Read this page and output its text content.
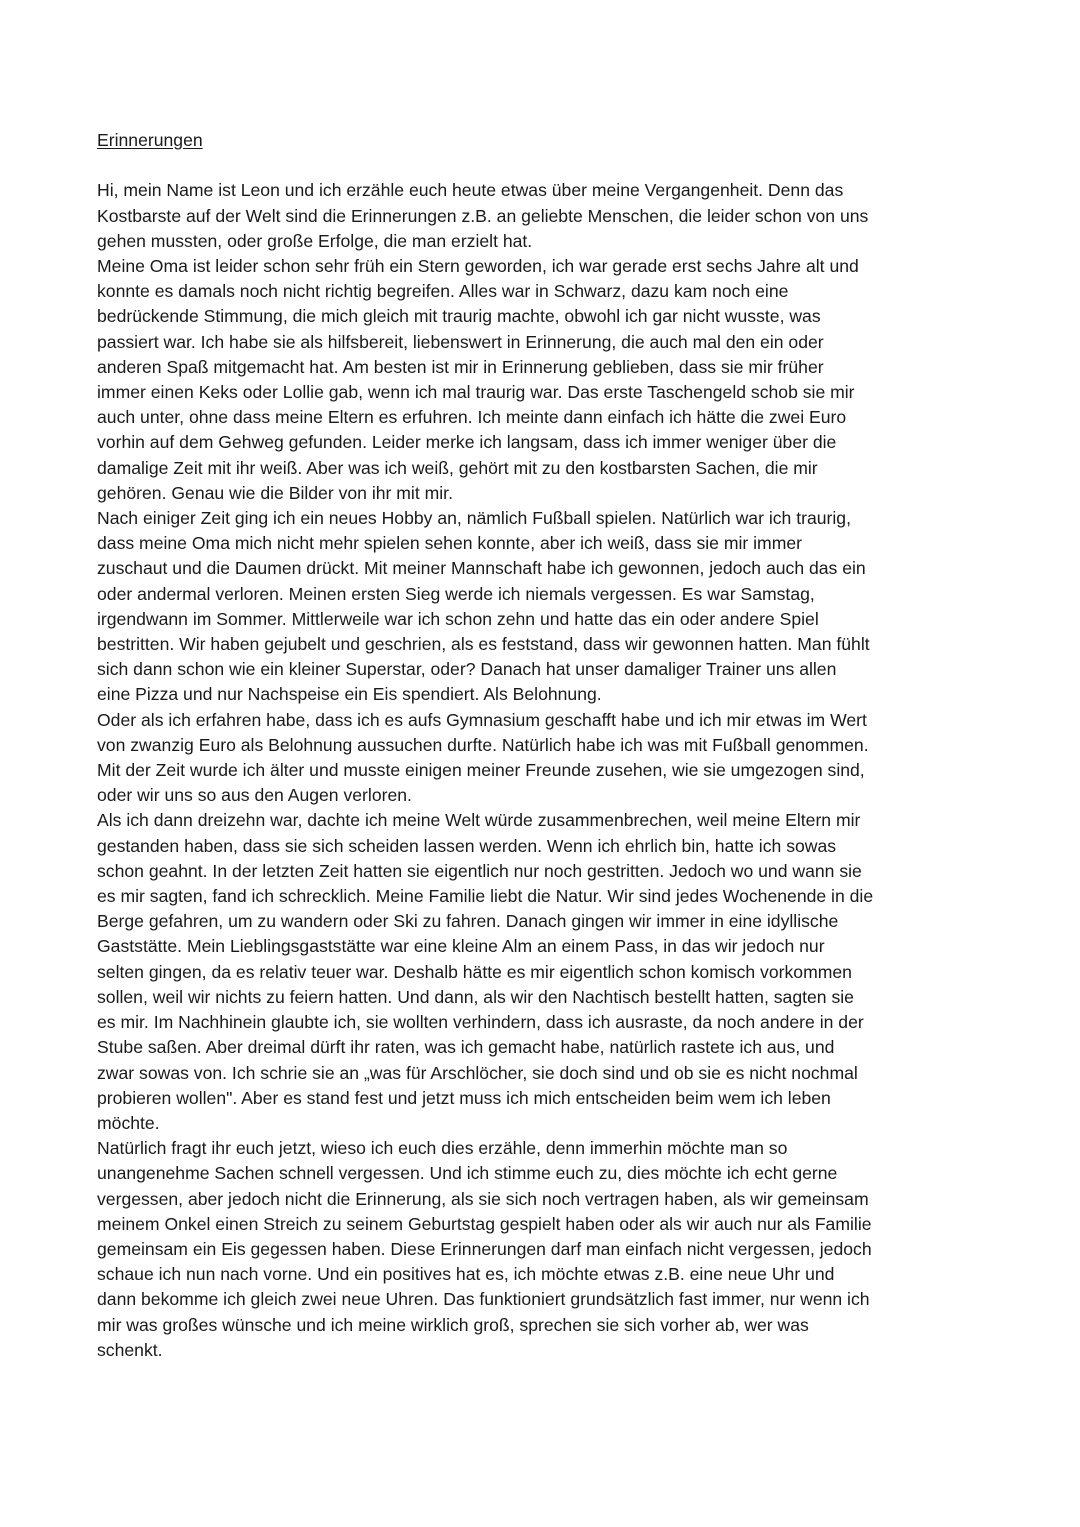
Erinnerungen
Hi, mein Name ist Leon und ich erzähle euch heute etwas über meine Vergangenheit. Denn das
Kostbarste auf der Welt sind die Erinnerungen z.B. an geliebte Menschen, die leider schon von uns
gehen mussten, oder große Erfolge, die man erzielt hat.
Meine Oma ist leider schon sehr früh ein Stern geworden, ich war gerade erst sechs Jahre alt und
konnte es damals noch nicht richtig begreifen. Alles war in Schwarz, dazu kam noch eine
bedrückende Stimmung, die mich gleich mit traurig machte, obwohl ich gar nicht wusste, was
passiert war. Ich habe sie als hilfsbereit, liebenswert in Erinnerung, die auch mal den ein oder
anderen Spaß mitgemacht hat. Am besten ist mir in Erinnerung geblieben, dass sie mir früher
immer einen Keks oder Lollie gab, wenn ich mal traurig war. Das erste Taschengeld schob sie mir
auch unter, ohne dass meine Eltern es erfuhren. Ich meinte dann einfach ich hätte die zwei Euro
vorhin auf dem Gehweg gefunden. Leider merke ich langsam, dass ich immer weniger über die
damalige Zeit mit ihr weiß. Aber was ich weiß, gehört mit zu den kostbarsten Sachen, die mir
gehören. Genau wie die Bilder von ihr mit mir.
Nach einiger Zeit ging ich ein neues Hobby an, nämlich Fußball spielen. Natürlich war ich traurig,
dass meine Oma mich nicht mehr spielen sehen konnte, aber ich weiß, dass sie mir immer
zuschaut und die Daumen drückt. Mit meiner Mannschaft habe ich gewonnen, jedoch auch das ein
oder andermal verloren. Meinen ersten Sieg werde ich niemals vergessen. Es war Samstag,
irgendwann im Sommer. Mittlerweile war ich schon zehn und hatte das ein oder andere Spiel
bestritten. Wir haben gejubelt und geschrien, als es feststand, dass wir gewonnen hatten. Man fühlt
sich dann schon wie ein kleiner Superstar, oder? Danach hat unser damaliger Trainer uns allen
eine Pizza und nur Nachspeise ein Eis spendiert. Als Belohnung.
Oder als ich erfahren habe, dass ich es aufs Gymnasium geschafft habe und ich mir etwas im Wert
von zwanzig Euro als Belohnung aussuchen durfte. Natürlich habe ich was mit Fußball genommen.
Mit der Zeit wurde ich älter und musste einigen meiner Freunde zusehen, wie sie umgezogen sind,
oder wir uns so aus den Augen verloren.
Als ich dann dreizehn war, dachte ich meine Welt würde zusammenbrechen, weil meine Eltern mir
gestanden haben, dass sie sich scheiden lassen werden. Wenn ich ehrlich bin, hatte ich sowas
schon geahnt. In der letzten Zeit hatten sie eigentlich nur noch gestritten. Jedoch wo und wann sie
es mir sagten, fand ich schrecklich. Meine Familie liebt die Natur. Wir sind jedes Wochenende in die
Berge gefahren, um zu wandern oder Ski zu fahren. Danach gingen wir immer in eine idyllische
Gaststätte. Mein Lieblingsgaststätte war eine kleine Alm an einem Pass, in das wir jedoch nur
selten gingen, da es relativ teuer war. Deshalb hätte es mir eigentlich schon komisch vorkommen
sollen, weil wir nichts zu feiern hatten. Und dann, als wir den Nachtisch bestellt hatten, sagten sie
es mir. Im Nachhinein glaubte ich, sie wollten verhindern, dass ich ausraste, da noch andere in der
Stube saßen. Aber dreimal dürft ihr raten, was ich gemacht habe, natürlich rastete ich aus, und
zwar sowas von. Ich schrie sie an „was für Arschlöcher, sie doch sind und ob sie es nicht nochmal
probieren wollen". Aber es stand fest und jetzt muss ich mich entscheiden beim wem ich leben
möchte.
Natürlich fragt ihr euch jetzt, wieso ich euch dies erzähle, denn immerhin möchte man so
unangenehme Sachen schnell vergessen. Und ich stimme euch zu, dies möchte ich echt gerne
vergessen, aber jedoch nicht die Erinnerung, als sie sich noch vertragen haben, als wir gemeinsam
meinem Onkel einen Streich zu seinem Geburtstag gespielt haben oder als wir auch nur als Familie
gemeinsam ein Eis gegessen haben. Diese Erinnerungen darf man einfach nicht vergessen, jedoch
schaue ich nun nach vorne. Und ein positives hat es, ich möchte etwas z.B. eine neue Uhr und
dann bekomme ich gleich zwei neue Uhren. Das funktioniert grundsätzlich fast immer, nur wenn ich
mir was großes wünsche und ich meine wirklich groß, sprechen sie sich vorher ab, wer was
schenkt.
